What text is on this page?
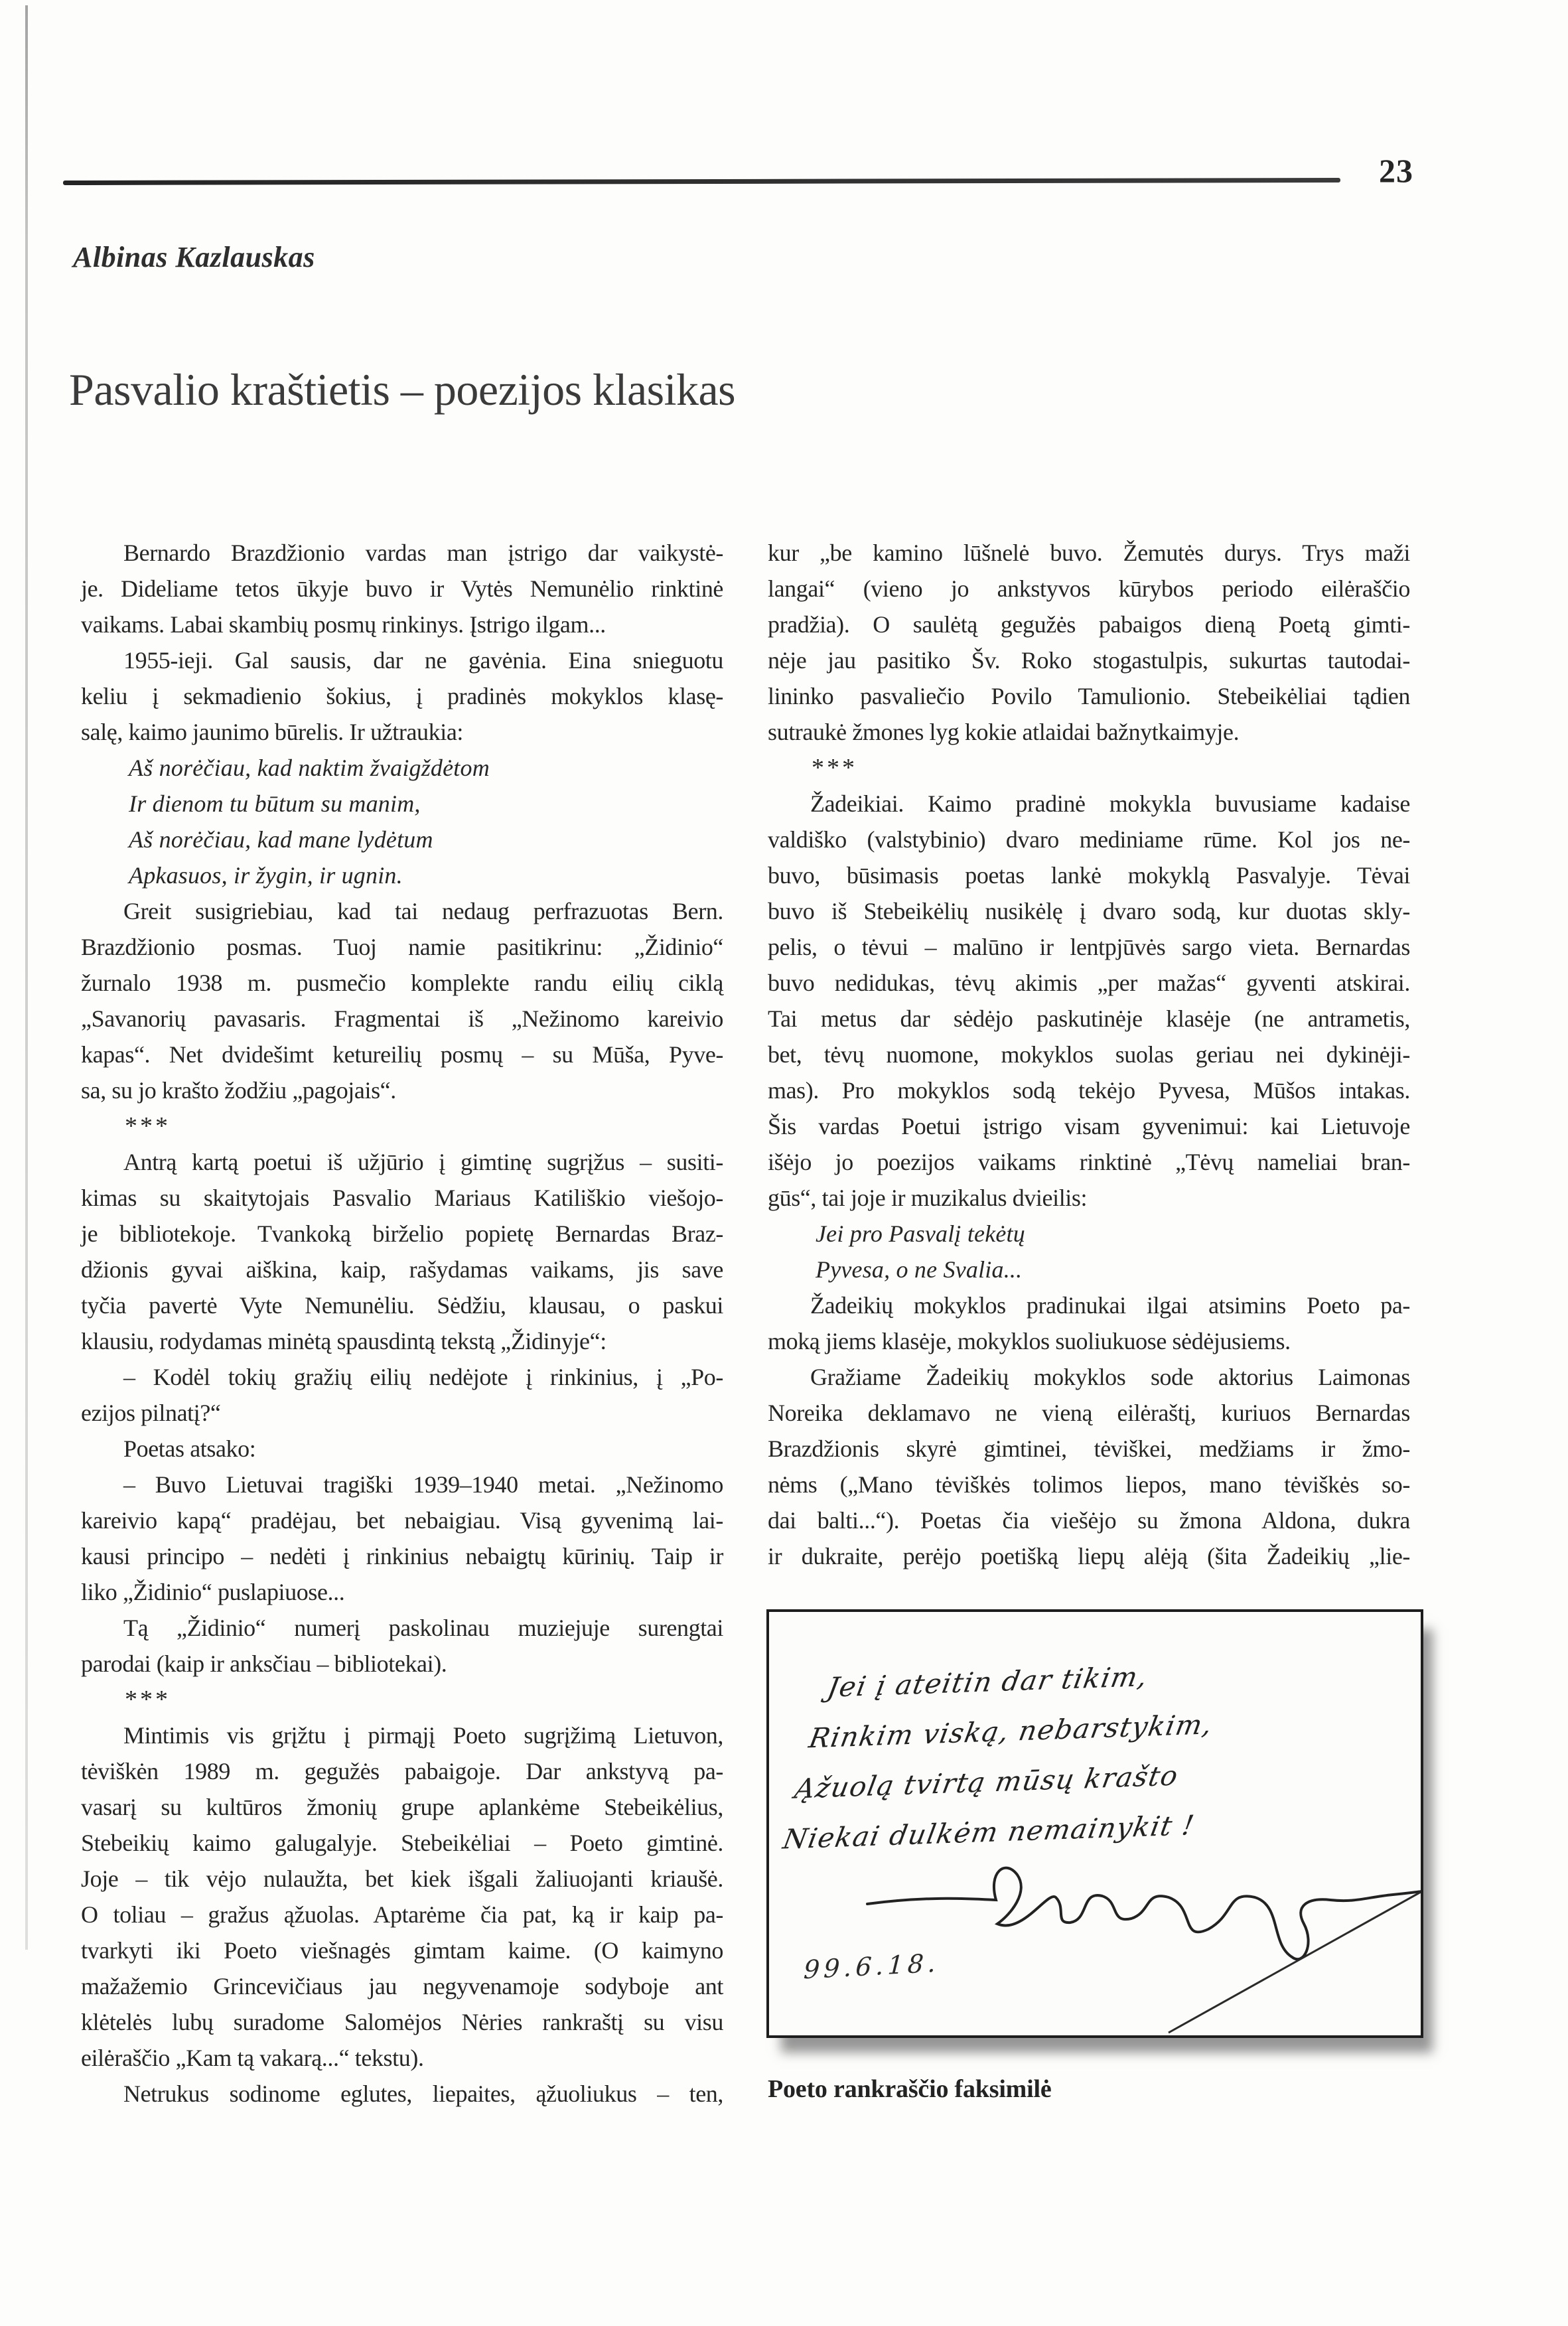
23
Albinas Kazlauskas
Pasvalio kraštietis – poezijos klasikas
Bernardo Brazdžionio vardas man įstrigo dar vaikystė-
je. Dideliame tetos ūkyje buvo ir Vytės Nemunėlio rinktinė
vaikams. Labai skambių posmų rinkinys. Įstrigo ilgam...
1955-ieji. Gal sausis, dar ne gavėnia. Eina snieguotu
keliu į sekmadienio šokius, į pradinės mokyklos klasę-
salę, kaimo jaunimo būrelis. Ir užtraukia:
Aš norėčiau, kad naktim žvaigždėtom
Ir dienom tu būtum su manim,
Aš norėčiau, kad mane lydėtum
Apkasuos, ir žygin, ir ugnin.
Greit susigriebiau, kad tai nedaug perfrazuotas Bern.
Brazdžionio posmas. Tuoj namie pasitikrinu: „Židinio“
žurnalo 1938 m. pusmečio komplekte randu eilių ciklą
„Savanorių pavasaris. Fragmentai iš „Nežinomo kareivio
kapas“. Net dvidešimt ketureilių posmų – su Mūša, Pyve-
sa, su jo krašto žodžiu „pagojais“.
***
Antrą kartą poetui iš užjūrio į gimtinę sugrįžus – susiti-
kimas su skaitytojais Pasvalio Mariaus Katiliškio viešojo-
je bibliotekoje. Tvankoką birželio popietę Bernardas Braz-
džionis gyvai aiškina, kaip, rašydamas vaikams, jis save
tyčia pavertė Vyte Nemunėliu. Sėdžiu, klausau, o paskui
klausiu, rodydamas minėtą spausdintą tekstą „Židinyje“:
– Kodėl tokių gražių eilių nedėjote į rinkinius, į „Po-
ezijos pilnatį?“
Poetas atsako:
– Buvo Lietuvai tragiški 1939–1940 metai. „Nežinomo
kareivio kapą“ pradėjau, bet nebaigiau. Visą gyvenimą lai-
kausi principo – nedėti į rinkinius nebaigtų kūrinių. Taip ir
liko „Židinio“ puslapiuose...
Tą „Židinio“ numerį paskolinau muziejuje surengtai
parodai (kaip ir anksčiau – bibliotekai).
***
Mintimis vis grįžtu į pirmąjį Poeto sugrįžimą Lietuvon,
tėviškėn 1989 m. gegužės pabaigoje. Dar ankstyvą pa-
vasarį su kultūros žmonių grupe aplankėme Stebeikėlius,
Stebeikių kaimo galugalyje. Stebeikėliai – Poeto gimtinė.
Joje – tik vėjo nulaužta, bet kiek išgali žaliuojanti kriaušė.
O toliau – gražus ąžuolas. Aptarėme čia pat, ką ir kaip pa-
tvarkyti iki Poeto viešnagės gimtam kaime. (O kaimyno
mažažemio Grincevičiaus jau negyvenamoje sodyboje ant
klėtelės lubų suradome Salomėjos Nėries rankraštį su visu
eilėraščio „Kam tą vakarą...“ tekstu).
Netrukus sodinome eglutes, liepaites, ąžuoliukus – ten,
kur „be kamino lūšnelė buvo. Žemutės durys. Trys maži
langai“ (vieno jo ankstyvos kūrybos periodo eilėraščio
pradžia). O saulėtą gegužės pabaigos dieną Poetą gimti-
nėje jau pasitiko Šv. Roko stogastulpis, sukurtas tautodai-
lininko pasvaliečio Povilo Tamulionio. Stebeikėliai tądien
sutraukė žmones lyg kokie atlaidai bažnytkaimyje.
***
Žadeikiai. Kaimo pradinė mokykla buvusiame kadaise
valdiško (valstybinio) dvaro mediniame rūme. Kol jos ne-
buvo, būsimasis poetas lankė mokyklą Pasvalyje. Tėvai
buvo iš Stebeikėlių nusikėlę į dvaro sodą, kur duotas skly-
pelis, o tėvui – malūno ir lentpjūvės sargo vieta. Bernardas
buvo nedidukas, tėvų akimis „per mažas“ gyventi atskirai.
Tai metus dar sėdėjo paskutinėje klasėje (ne antrametis,
bet, tėvų nuomone, mokyklos suolas geriau nei dykinėji-
mas). Pro mokyklos sodą tekėjo Pyvesa, Mūšos intakas.
Šis vardas Poetui įstrigo visam gyvenimui: kai Lietuvoje
išėjo jo poezijos vaikams rinktinė „Tėvų nameliai bran-
gūs“, tai joje ir muzikalus dvieilis:
Jei pro Pasvalį tekėtų
Pyvesa, o ne Svalia...
Žadeikių mokyklos pradinukai ilgai atsimins Poeto pa-
moką jiems klasėje, mokyklos suoliukuose sėdėjusiems.
Gražiame Žadeikių mokyklos sode aktorius Laimonas
Noreika deklamavo ne vieną eilėraštį, kuriuos Bernardas
Brazdžionis skyrė gimtinei, tėviškei, medžiams ir žmo-
nėms („Mano tėviškės tolimos liepos, mano tėviškės so-
dai balti...“). Poetas čia viešėjo su žmona Aldona, dukra
ir dukraite, perėjo poetišką liepų alėją (šita Žadeikių „lie-
Jei į ateitin dar tikim,
Rinkim viską, nebarstykim,
Ąžuolą tvirtą mūsų krašto
Niekai dulkėm nemainykit !
99.6.18.
Poeto rankraščio faksimilė
